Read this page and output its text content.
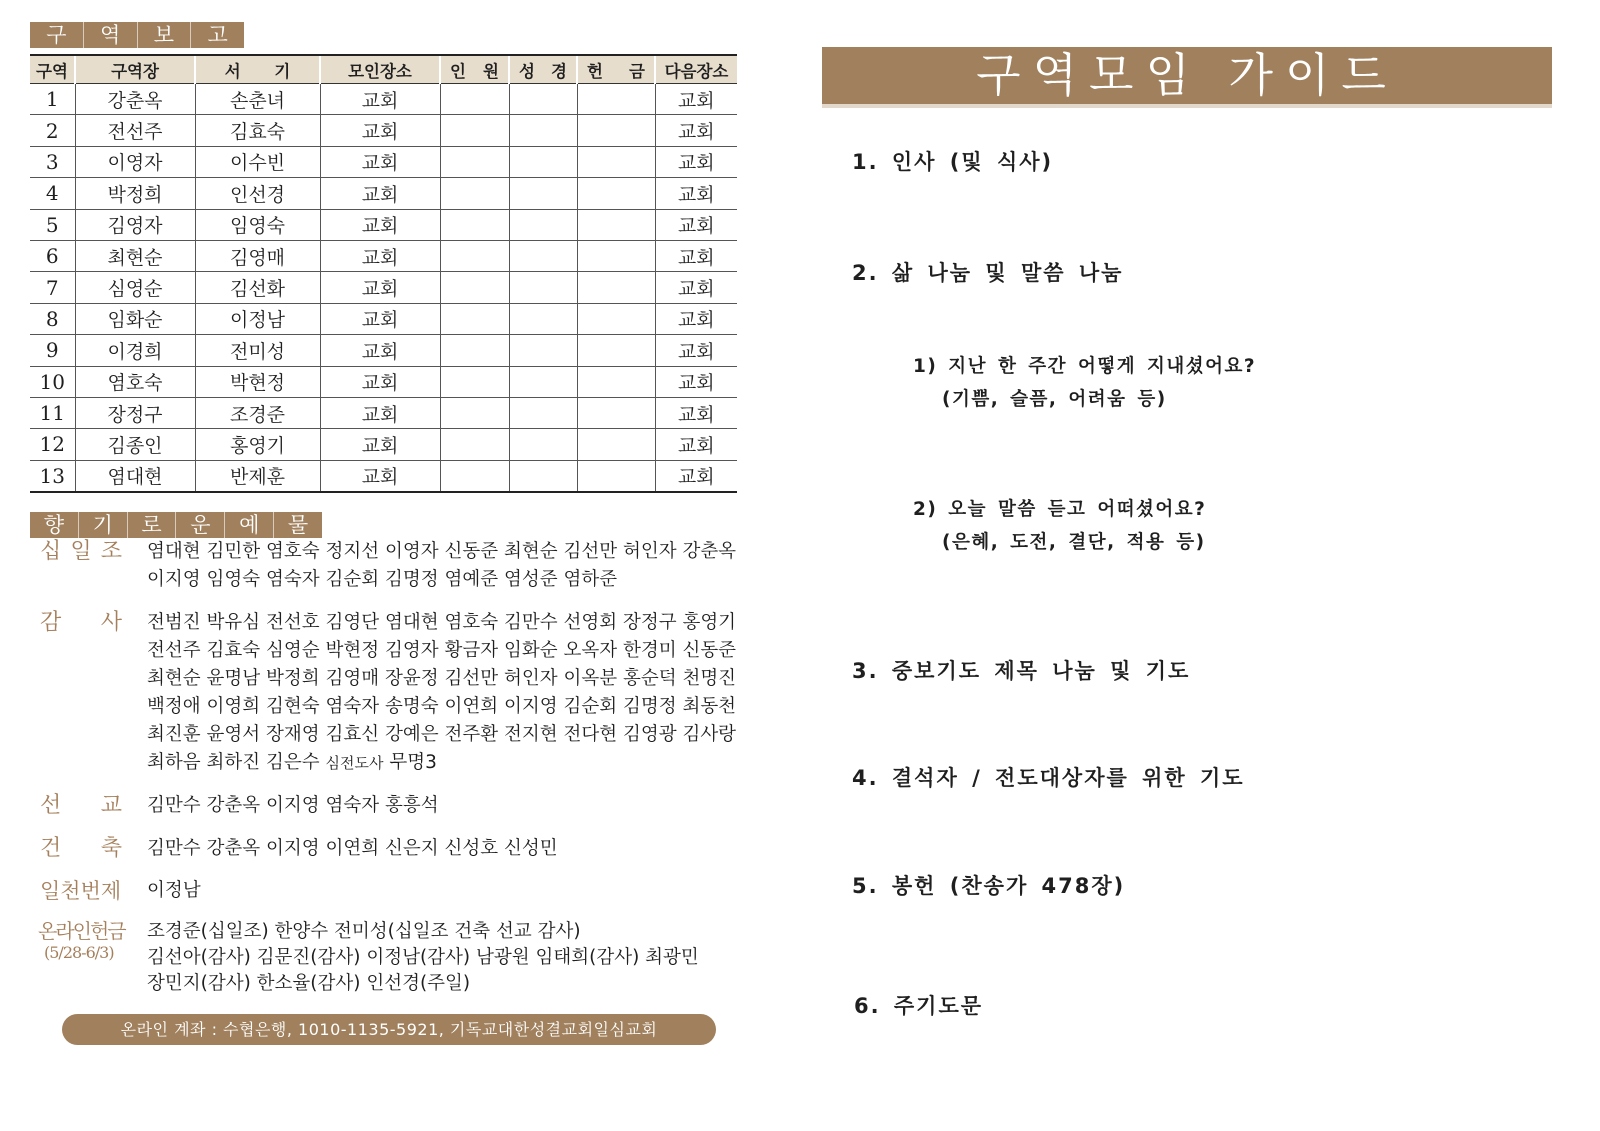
구	역	보	고
구역	구역장	서 기	모인장소	인 원	성 경	헌 금	다음장소
1	강춘옥	손춘녀	교회				교회
2	전선주	김효숙	교회				교회
3	이영자	이수빈	교회				교회
4	박정희	인선경	교회				교회
5	김영자	임영숙	교회				교회
6	최현순	김영매	교회				교회
7	심영순	김선화	교회				교회
8	임화순	이정남	교회				교회
9	이경희	전미성	교회				교회
10	염호숙	박현정	교회				교회
11	장정구	조경준	교회				교회
12	김종인	홍영기	교회				교회
13	염대현	반제훈	교회				교회
향	기	로	운	예	물
십 일 조 염대현 김민한 염호숙 정지선 이영자 신동준 최현순 김선만 허인자 강춘옥
이지영 임영숙 염숙자 김순회 김명정 염예준 염성준 염하준
감 사 전범진 박유심 전선호 김영단 염대현 염호숙 김만수 선영회 장정구 홍영기
전선주 김효숙 심영순 박현정 김영자 황금자 임화순 오옥자 한경미 신동준
최현순 윤명남 박정희 김영매 장윤정 김선만 허인자 이옥분 홍순덕 천명진
백정애 이영희 김현숙 염숙자 송명숙 이연희 이지영 김순회 김명정 최동천
최진훈 윤영서 장재영 김효신 강예은 전주환 전지현 전다현 김영광 김사랑
최하음 최하진 김은수 심전도사 무명3
선 교 김만수 강춘옥 이지영 염숙자 홍흥석
건 축 김만수 강춘옥 이지영 이연희 신은지 신성호 신성민
일천번제 이정남
온라인헌금
(5/28-6/3)
조경준(십일조) 한양수 전미성(십일조 건축 선교 감사)
김선아(감사) 김문진(감사) 이정남(감사) 남광원 임태희(감사) 최광민
장민지(감사) 한소율(감사) 인선경(주일)
온라인 계좌 : 수협은행, 1010-1135-5921, 기독교대한성결교회일심교회
구역모임 가이드
1. 인사 (및 식사)
2. 삶 나눔 및 말씀 나눔
1) 지난 한 주간 어떻게 지내셨어요?
(기쁨, 슬픔, 어려움 등)
2) 오늘 말씀 듣고 어떠셨어요?
(은혜, 도전, 결단, 적용 등)
3. 중보기도 제목 나눔 및 기도
4. 결석자 / 전도대상자를 위한 기도
5. 봉헌 (찬송가 478장)
6. 주기도문
